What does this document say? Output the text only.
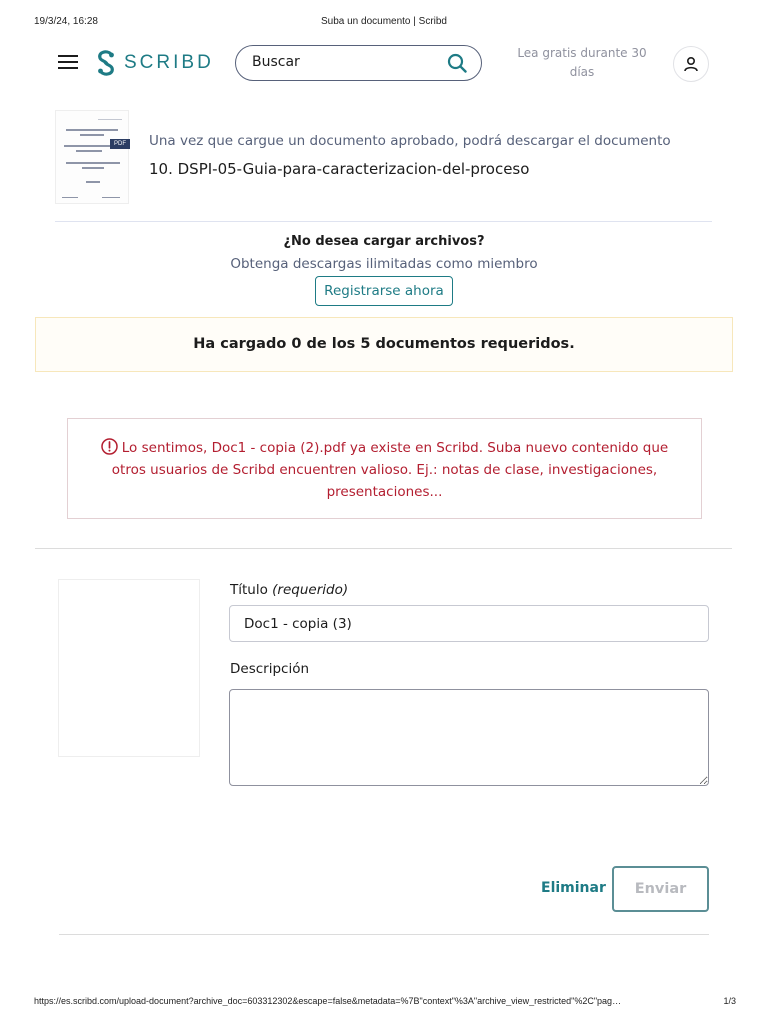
19/3/24, 16:28	Suba un documento | Scribd
SCRIBD
Buscar	Lea gratis durante 30
días
PDF Una vez que cargue un documento aprobado, podrá descargar el documento
10. DSPI-05-Guia-para-caracterizacion-del-proceso
¿No desea cargar archivos?
Obtenga descargas ilimitadas como miembro
Registrarse ahora
Ha cargado 0 de los 5 documentos requeridos.
Lo sentimos, Doc1 - copia (2).pdf ya existe en Scribd. Suba nuevo contenido que otros usuarios de Scribd encuentren valioso. Ej.: notas de clase, investigaciones, presentaciones...
Título (requerido)
Doc1 - copia (3)
Descripción
Eliminar	Enviar
https://es.scribd.com/upload-document?archive_doc=603312302&escape=false&metadata=%7B"context"%3A"archive_view_restricted"%2C"pag…	1/3
